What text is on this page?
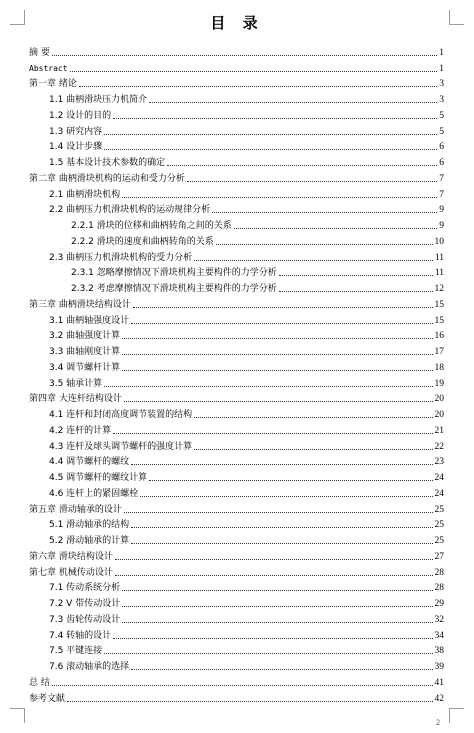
目 录
摘 要	1
Abstract	1
第一章 绪论	3
1.1 曲柄滑块压力机简介	3
1.2 设计的目的	5
1.3 研究内容	5
1.4 设计步骤	6
1.5 基本设计技术参数的确定	6
第二章 曲柄滑块机构的运动和受力分析	7
2.1 曲柄滑块机构	7
2.2 曲柄压力机滑块机构的运动规律分析	9
2.2.1 滑块的位移和曲柄转角之间的关系	9
2.2.2 滑块的速度和曲柄转角的关系	10
2.3 曲柄压力机滑块机构的受力分析	11
2.3.1 忽略摩擦情况下滑块机构主要构件的力学分析	11
2.3.2 考虑摩擦情况下滑块机构主要构件的力学分析	12
第三章 曲柄滑块结构设计	15
3.1 曲柄轴强度设计	15
3.2 曲轴强度计算	16
3.3 曲轴刚度计算	17
3.4 调节螺杆计算	18
3.5 轴承计算	19
第四章 大连杆结构设计	20
4.1 连杆和封闭高度调节装置的结构	20
4.2 连杆的计算	21
4.3 连杆及球头调节螺杆的强度计算	22
4.4 调节螺杆的螺纹	23
4.5 调节螺杆的螺纹计算	24
4.6 连杆上的紧固螺栓	24
第五章 滑动轴承的设计	25
5.1 滑动轴承的结构	25
5.2 滑动轴承的计算	25
第六章 滑块结构设计	27
第七章 机械传动设计	28
7.1 传动系统分析	28
7.2 V 带传动设计	29
7.3 齿轮传动设计	32
7.4 转轴的设计	34
7.5 平键连接	38
7.6 滚动轴承的选择	39
总 结	41
参考文献	42
2
